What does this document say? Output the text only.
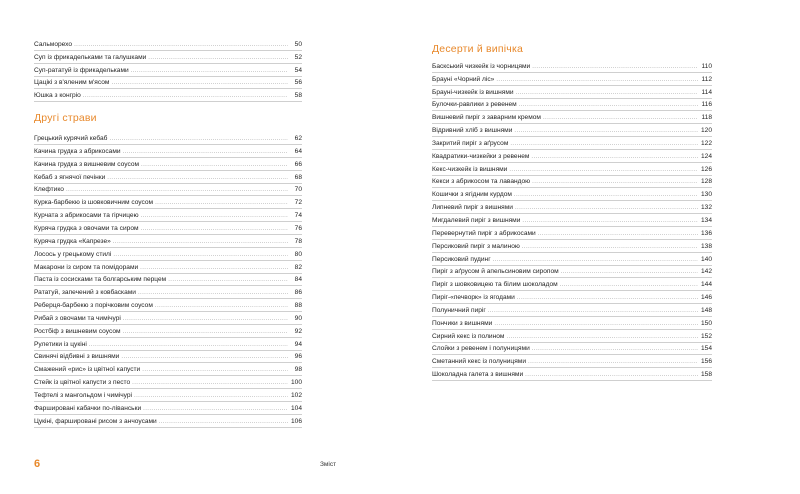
Сальморехо .....	50
Суп із фрикадельками та галушками .....	52
Суп-рататуй із фрикадельками .....	54
Цацікі з в'яленим м'ясом .....	56
Юшка з конгріо .....	58
Другі страви
Грецький курячий кебаб .....	62
Качина грудка з абрикосами .....	64
Качина грудка з вишневим соусом .....	66
Кебаб з ягнячої печінки .....	68
Клефтико .....	70
Курка-барбекю із шовковичним соусом .....	72
Курчата з абрикосами та гірчицею .....	74
Куряча грудка з овочами та сиром .....	76
Куряча грудка «Капрезе» .....	78
Лосось у грецькому стилі .....	80
Макарони із сиром та помідорами .....	82
Паста із сосисками та болгарським перцем .....	84
Рататуй, запечений з ковбасками .....	86
Реберця-барбекю з порічковим соусом .....	88
Рибай з овочами та чимічурі .....	90
Ростбіф з вишневим соусом .....	92
Рулетики із цукіні .....	94
Свинячі відбивні з вишнями .....	96
Смажений «рис» із цвітної капусти .....	98
Стейк із цвітної капусти з песто .....	100
Тефтелі з мангольдом і чимічурі .....	102
Фаршировані кабачки по-ліванськи .....	104
Цукіні, фаршировані рисом з анчоусами .....	106
Десерти й випічка
Баскський чизкейк із чорницями .....	110
Брауні «Чорний ліс» .....	112
Брауні-чизкейк із вишнями .....	114
Булочки-равлики з ревенем .....	116
Вишневий пиріг з заварним кремом .....	118
Відривний хліб з вишнями .....	120
Закритий пиріг з аґрусом .....	122
Квадратики-чизкейки з ревенем .....	124
Кекс-чизкейк із вишнями .....	126
Кекси з абрикосом та лавандою .....	128
Кошички з ягідним курдом .....	130
Липневий пиріг з вишнями .....	132
Мигдалевий пиріг з вишнями .....	134
Перевернутий пиріг з абрикосами .....	136
Персиковий пиріг з малиною .....	138
Персиковий пудинг .....	140
Пиріг з аґрусом й апельсиновим сиропом .....	142
Пиріг з шовковицею та білим шоколадом .....	144
Пиріг-«печворк» із ягодами .....	146
Полуничний пиріг .....	148
Пончики з вишнями .....	150
Сирний кекс із полином .....	152
Слойки з ревенем і полуницями .....	154
Сметанний кекс із полуницями .....	156
Шоколадна галета з вишнями .....	158
6	Зміст
